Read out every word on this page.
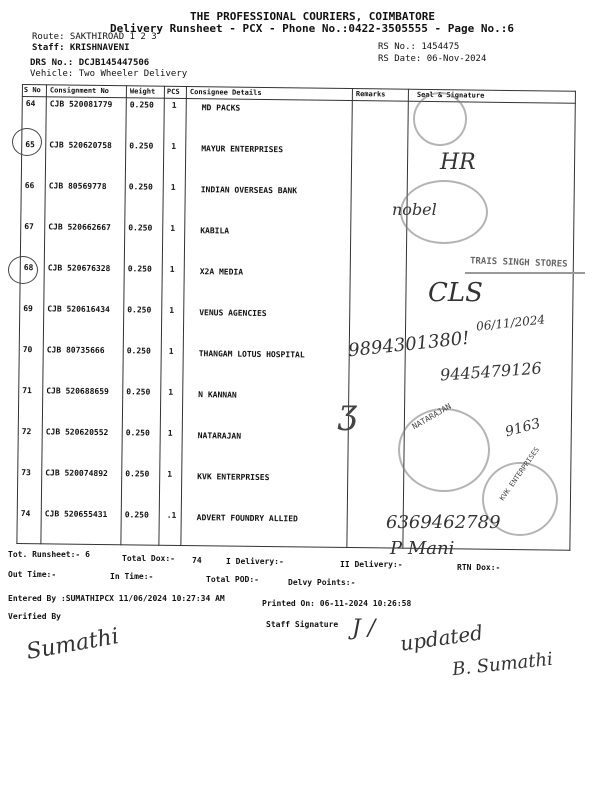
THE PROFESSIONAL COURIERS, COIMBATORE
Delivery Runsheet - PCX - Phone No.:0422-3505555 - Page No.:6
Route: SAKTHIROAD 1 2 3
Staff: KRISHNAVENI
DRS No.: DCJB145447506
Vehicle: Two Wheeler Delivery
RS No.: 1454475
RS Date: 06-Nov-2024
S No Consignment No	Weight PCS Consignee Details	Remarks	Seal & Signature
64 CJB 520081779 0.250 1	MD PACKS
65 CJB 520620758 0.250 1	MAYUR ENTERPRISES
66 CJB 80569778	0.250 1	INDIAN OVERSEAS BANK
67 CJB 520662667 0.250 1	KABILA
68 CJB 520676328 0.250 1	X2A MEDIA
69 CJB 520616434 0.250 1	VENUS AGENCIES
70 CJB 80735666	0.250 1	THANGAM LOTUS HOSPITAL
71 CJB 520688659 0.250 1	N KANNAN
72 CJB 520620552 0.250 1	NATARAJAN
73 CJB 520074892 0.250 1	KVK ENTERPRISES
74 CJB 520655431 0.250 .1	ADVERT FOUNDRY ALLIED
TRAIS SINGH STORES
NATARAJAN
KVK ENTERPRISES
HR
nobel
CLS
06/11/2024
9894301380!
9445479126
9163
6369462789
P Mani
ʒ
Tot. Runsheet:- 6	Total Dox:- 74	I Delivery:-	II Delivery:-	RTN Dox:-
Out Time:-	In Time:-	Total POD:-	Delvy Points:-
Entered By :SUMATHIPCX 11/06/2024 10:27:34 AM
Printed On: 06-11-2024 10:26:58
Verified By
Staff Signature
Sumathi	J / updated
B. Sumathi
